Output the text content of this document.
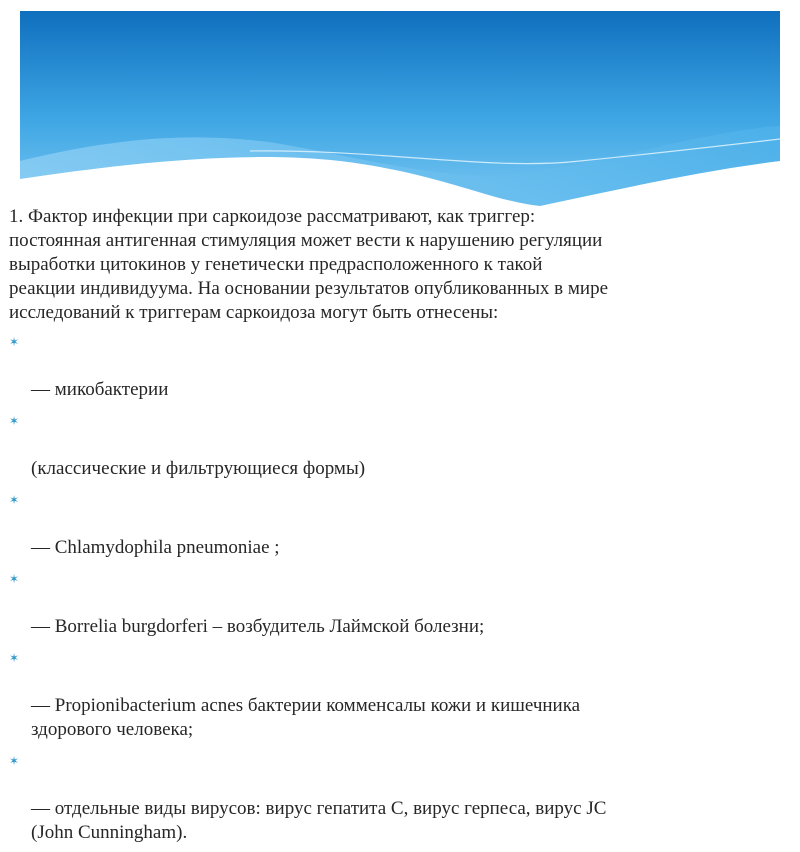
1. Фактор инфекции при саркоидозе рассматривают, как триггер:
постоянная антигенная стимуляция может вести к нарушению регуляции
выработки цитокинов у генетически предрасположенного к такой
реакции индивидуума. На основании результатов опубликованных в мире
исследований к триггерам саркоидоза могут быть отнесены:

✶

— микобактерии

✶

(классические и фильтрующиеся формы)

✶

— Chlamydophila pneumoniae ;

✶

— Borrelia burgdorferi – возбудитель Лаймской болезни;

✶

— Propionibacterium acnes бактерии комменсалы кожи и кишечника
здорового человека;

✶

— отдельные виды вирусов: вирус гепатита С, вирус герпеса, вирус JC
(John Cunningham).
